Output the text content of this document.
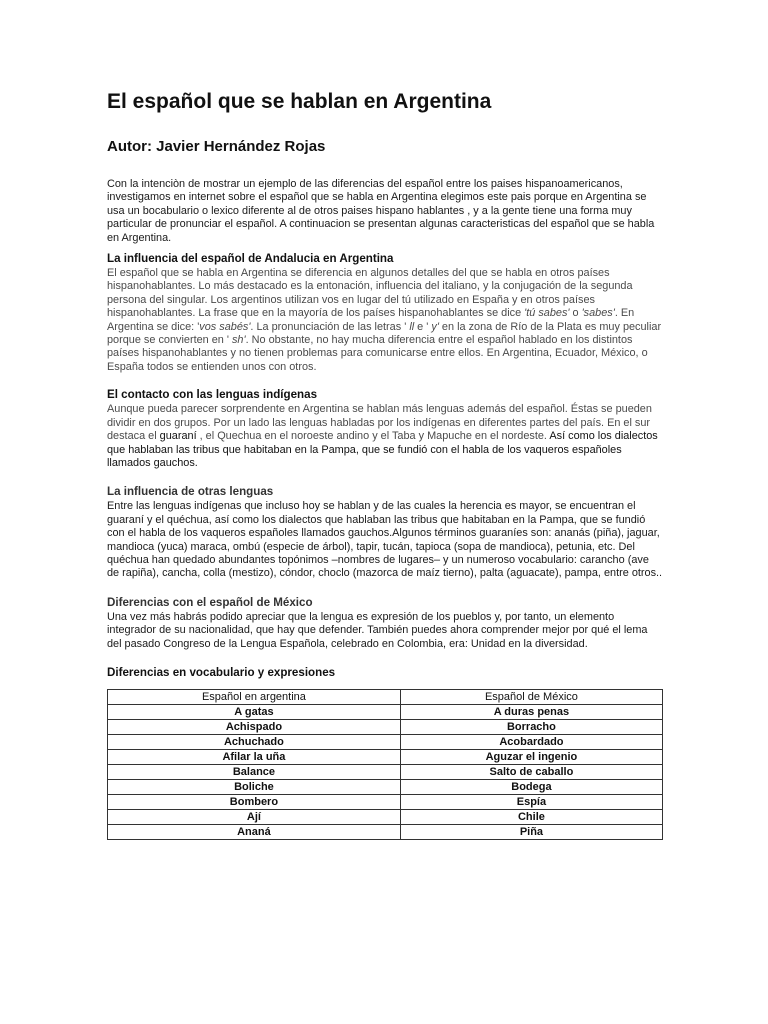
El español que se hablan en Argentina
Autor: Javier Hernández Rojas

Con la intenciòn de mostrar un ejemplo de las diferencias del español entre los paises hispanoamericanos, investigamos en internet sobre el español que se habla en Argentina elegimos este pais porque en Argentina se usa un bocabulario o lexico diferente al de otros paises hispano hablantes , y a la gente tiene una forma muy particular de pronunciar el español. A continuacion se presentan algunas caracteristicas del español que se habla en Argentina.

La influencia del español de Andalucia en Argentina

El español que se habla en Argentina se diferencia en algunos detalles del que se habla en otros países hispanohablantes. Lo más destacado es la entonación, influencia del italiano, y la conjugación de la segunda persona del singular. Los argentinos utilizan vos en lugar del tú utilizado en España y en otros países hispanohablantes. La frase que en la mayoría de los países hispanohablantes se dice 'tú sabes' o 'sabes'. En Argentina se dice: 'vos sabés'. La pronunciación de las letras ' ll e ' y' en la zona de Río de la Plata es muy peculiar porque se convierten en ' sh'. No obstante, no hay mucha diferencia entre el español hablado en los distintos países hispanohablantes y no tienen problemas para comunicarse entre ellos. En Argentina, Ecuador, México, o España todos se entienden unos con otros.

El contacto con las lenguas indígenas

Aunque pueda parecer sorprendente en Argentina se hablan más lenguas además del español. Éstas se pueden dividir en dos grupos. Por un lado las lenguas habladas por los indígenas en diferentes partes del país. En el sur destaca el guaraní , el Quechua en el noroeste andino y el Taba y Mapuche en el nordeste. Así como los dialectos que hablaban las tribus que habitaban en la Pampa, que se fundió con el habla de los vaqueros españoles llamados gauchos.

La influencia de otras lenguas

Entre las lenguas indígenas que incluso hoy se hablan y de las cuales la herencia es mayor, se encuentran el guaraní y el quéchua, así como los dialectos que hablaban las tribus que habitaban en la Pampa, que se fundió con el habla de los vaqueros españoles llamados gauchos.Algunos términos guaraníes son: ananás (piña), jaguar, mandioca (yuca) maraca, ombú (especie de árbol), tapir, tucán, tapioca (sopa de mandioca), petunia, etc. Del quéchua han quedado abundantes topónimos –nombres de lugares– y un numeroso vocabulario: carancho (ave de rapiña), cancha, colla (mestizo), cóndor, choclo (mazorca de maíz tierno), palta (aguacate), pampa, entre otros..

Diferencias con el español de México

Una vez más habrás podido apreciar que la lengua es expresión de los pueblos y, por tanto, un elemento integrador de su nacionalidad, que hay que defender. También puedes ahora comprender mejor por qué el lema del pasado Congreso de la Lengua Española, celebrado en Colombia, era: Unidad en la diversidad.

Diferencias en vocabulario y expresiones
Español en argentina	Español de México
A gatas	A duras penas
Achispado	Borracho
Achuchado	Acobardado
Afilar la uña	Aguzar el ingenio
Balance	Salto de caballo
Boliche	Bodega
Bombero	Espía
Ají	Chile
Ananá	Piña
